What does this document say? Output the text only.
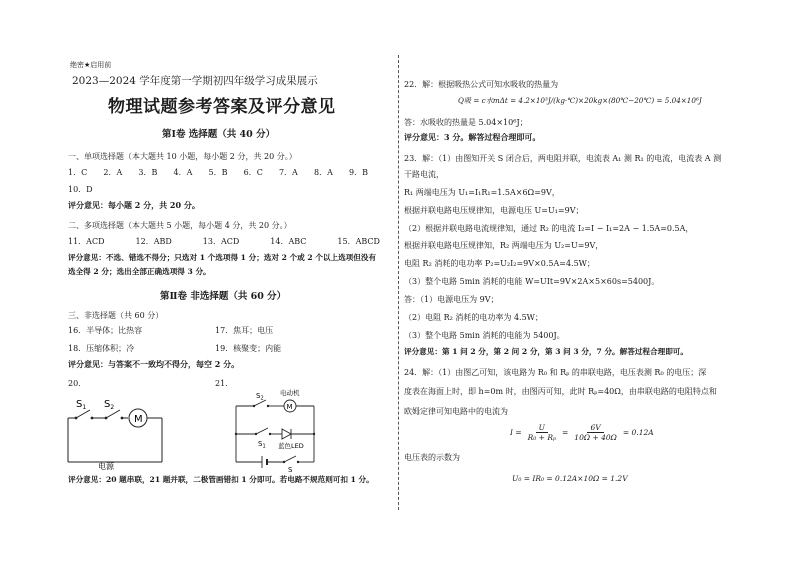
绝密★启用前
2023—2024 学年度第一学期初四年级学习成果展示
物理试题参考答案及评分意见
第Ⅰ卷 选择题（共 40 分）
一、单项选择题（本大题共 10 小题，每小题 2 分，共 20 分。）
1．C 2．A 3．B 4．A 5．B 6．C 7．A 8．A 9．B
10．D
评分意见：每小题 2 分，共 20 分。
二、多项选择题（本大题共 5 小题，每小题 4 分，共 20 分。）
11．ACD	12．ABD	13．ACD	14．ABC	15．ABCD
评分意见：不选、错选不得分；只选对 1 个选项得 1 分；选对 2 个或 2 个以上选项但没有
选全得 2 分；选出全部正确选项得 3 分。
第Ⅱ卷 非选择题（共 60 分）
三、非选择题（共 60 分）
16．半导体；比热容	17．焦耳；电压
18．压缩体积；冷	19．核聚变；内能
评分意见：与答案不一致均不得分，每空 2 分。
20．	21．
$S_1$ $S_2$
M
电源
电动机
M
$S_2$
$S_1$ 蓝色LED
S
评分意见：20 题串联，21 题并联，二极管画错扣 1 分即可。若电路不规范则可扣 1 分。
22．解：根据吸热公式可知水吸收的热量为
Q吸 = c水mΔt = 4.2×10³J/(kg·℃)×20kg×(80℃−20℃) = 5.04×10⁶J
答：水吸收的热量是 5.04×10⁶J；
评分意见：3 分。解答过程合理即可。
23．解：（1）由图知开关 S 闭合后，两电阻并联，电流表 A₁ 测 R₁ 的电流，电流表 A 测
干路电流，
R₁ 两端电压为 U₁=I₁R₁=1.5A×6Ω=9V，
根据并联电路电压规律知，电源电压 U=U₁=9V；
（2）根据并联电路电流规律知，通过 R₂ 的电流 I₂=I − I₁=2A − 1.5A=0.5A，
根据并联电路电压规律知，R₂ 两端电压为 U₂=U=9V，
电阻 R₂ 消耗的电功率 P₂=U₂I₂=9V×0.5A=4.5W；
（3）整个电路 5min 消耗的电能 W=UIt=9V×2A×5×60s=5400J。
答：（1）电源电压为 9V；
（2）电阻 R₂ 消耗的电功率为 4.5W；
（3）整个电路 5min 消耗的电能为 5400J。
评分意见：第 1 问 2 分，第 2 问 2 分，第 3 问 3 分，7 分。解答过程合理即可。
24．解：（1）由图乙可知，该电路为 R₀ 和 Rₚ 的串联电路，电压表测 R₀ 的电压；深
度表在海面上时，即 h=0m 时，由图丙可知，此时 Rₚ=40Ω，由串联电路的电阻特点和
欧姆定律可知电路中的电流为
$I = \frac{U}{\text{R₀ + Rₚ}} = \frac{6V}{10\Omega + 40\Omega} = 0.12A$
电压表的示数为
U₀ = IR₀ = 0.12A×10Ω = 1.2V
